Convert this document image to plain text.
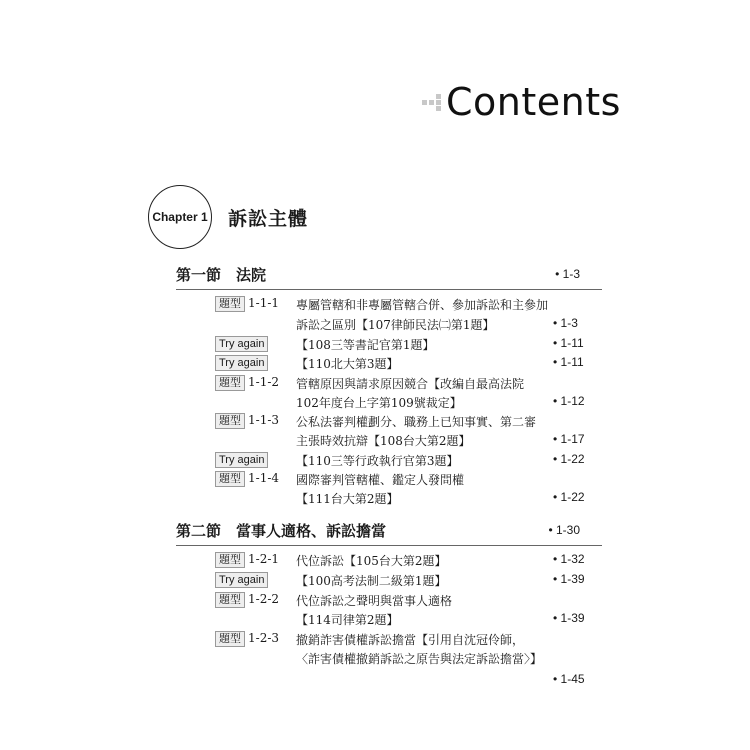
Contents
Chapter 1 訴訟主體
第一節　法院	• 1-3
題型 1-1-1 專屬管轄和非專屬管轄合併、參加訴訟和主參加
訴訟之區別【107律師民法㈡第1題】	• 1-3
Try again	【108三等書記官第1題】	• 1-11
Try again	【110北大第3題】	• 1-11
題型 1-1-2 管轄原因與請求原因競合【改編自最高法院
102年度台上字第109號裁定】	• 1-12
題型 1-1-3 公私法審判權劃分、職務上已知事實、第二審
主張時效抗辯【108台大第2題】	• 1-17
Try again	【110三等行政執行官第3題】	• 1-22
題型 1-1-4 國際審判管轄權、鑑定人發問權
【111台大第2題】	• 1-22
第二節　當事人適格、訴訟擔當	• 1-30
題型 1-2-1 代位訴訟【105台大第2題】	• 1-32
Try again	【100高考法制二級第1題】	• 1-39
題型 1-2-2 代位訴訟之聲明與當事人適格
【114司律第2題】	• 1-39
題型 1-2-3 撤銷詐害債權訴訟擔當【引用自沈冠伶師，
〈詐害債權撤銷訴訟之原告與法定訴訟擔當〉】
• 1-45
